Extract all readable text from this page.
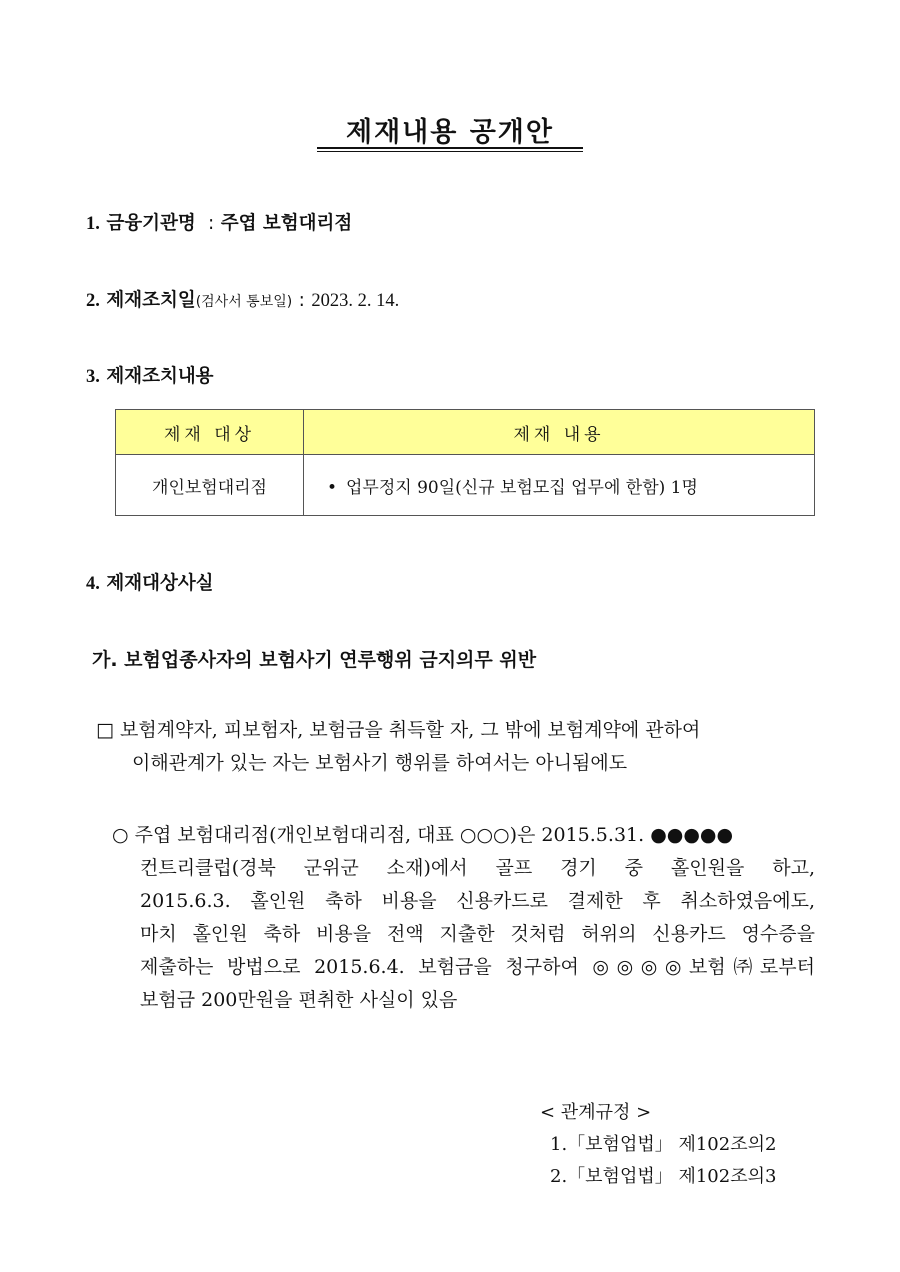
제재내용 공개안
1. 금융기관명 : 주엽 보험대리점
2. 제재조치일(검사서 통보일) : 2023. 2. 14.
3. 제재조치내용
제재 대상	제재 내용
개인보험대리점	• 업무정지 90일(신규 보험모집 업무에 한함) 1명
4. 제재대상사실
가. 보험업종사자의 보험사기 연루행위 금지의무 위반
□ 보험계약자, 피보험자, 보험금을 취득할 자, 그 밖에 보험계약에 관하여
이해관계가 있는 자는 보험사기 행위를 하여서는 아니됨에도
○ 주엽 보험대리점(개인보험대리점, 대표 ○○○)은 2015.5.31. ●●●●●
컨트리클럽(경북 군위군 소재)에서 골프 경기 중 홀인원을 하고,
2015.6.3. 홀인원 축하 비용을 신용카드로 결제한 후 취소하였음에도,
마치 홀인원 축하 비용을 전액 지출한 것처럼 허위의 신용카드 영수증을
제출하는 방법으로 2015.6.4. 보험금을 청구하여 ◎◎◎◎보험㈜로부터
보험금 200만원을 편취한 사실이 있음
< 관계규정 >
1.「보험업법」 제102조의2
2.「보험업법」 제102조의3
